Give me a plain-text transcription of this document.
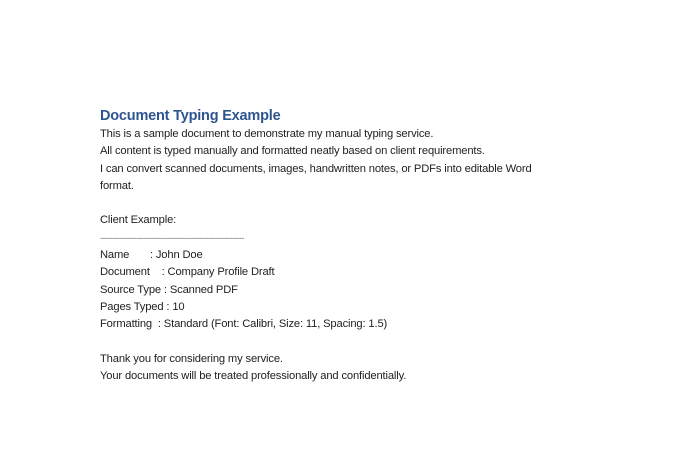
Document Typing Example
This is a sample document to demonstrate my manual typing service.
All content is typed manually and formatted neatly based on client requirements.
I can convert scanned documents, images, handwritten notes, or PDFs into editable Word
format.
Client Example:
------------------------------------------------------------
Name       : John Doe
Document    : Company Profile Draft
Source Type : Scanned PDF
Pages Typed : 10
Formatting  : Standard (Font: Calibri, Size: 11, Spacing: 1.5)
Thank you for considering my service.
Your documents will be treated professionally and confidentially.
